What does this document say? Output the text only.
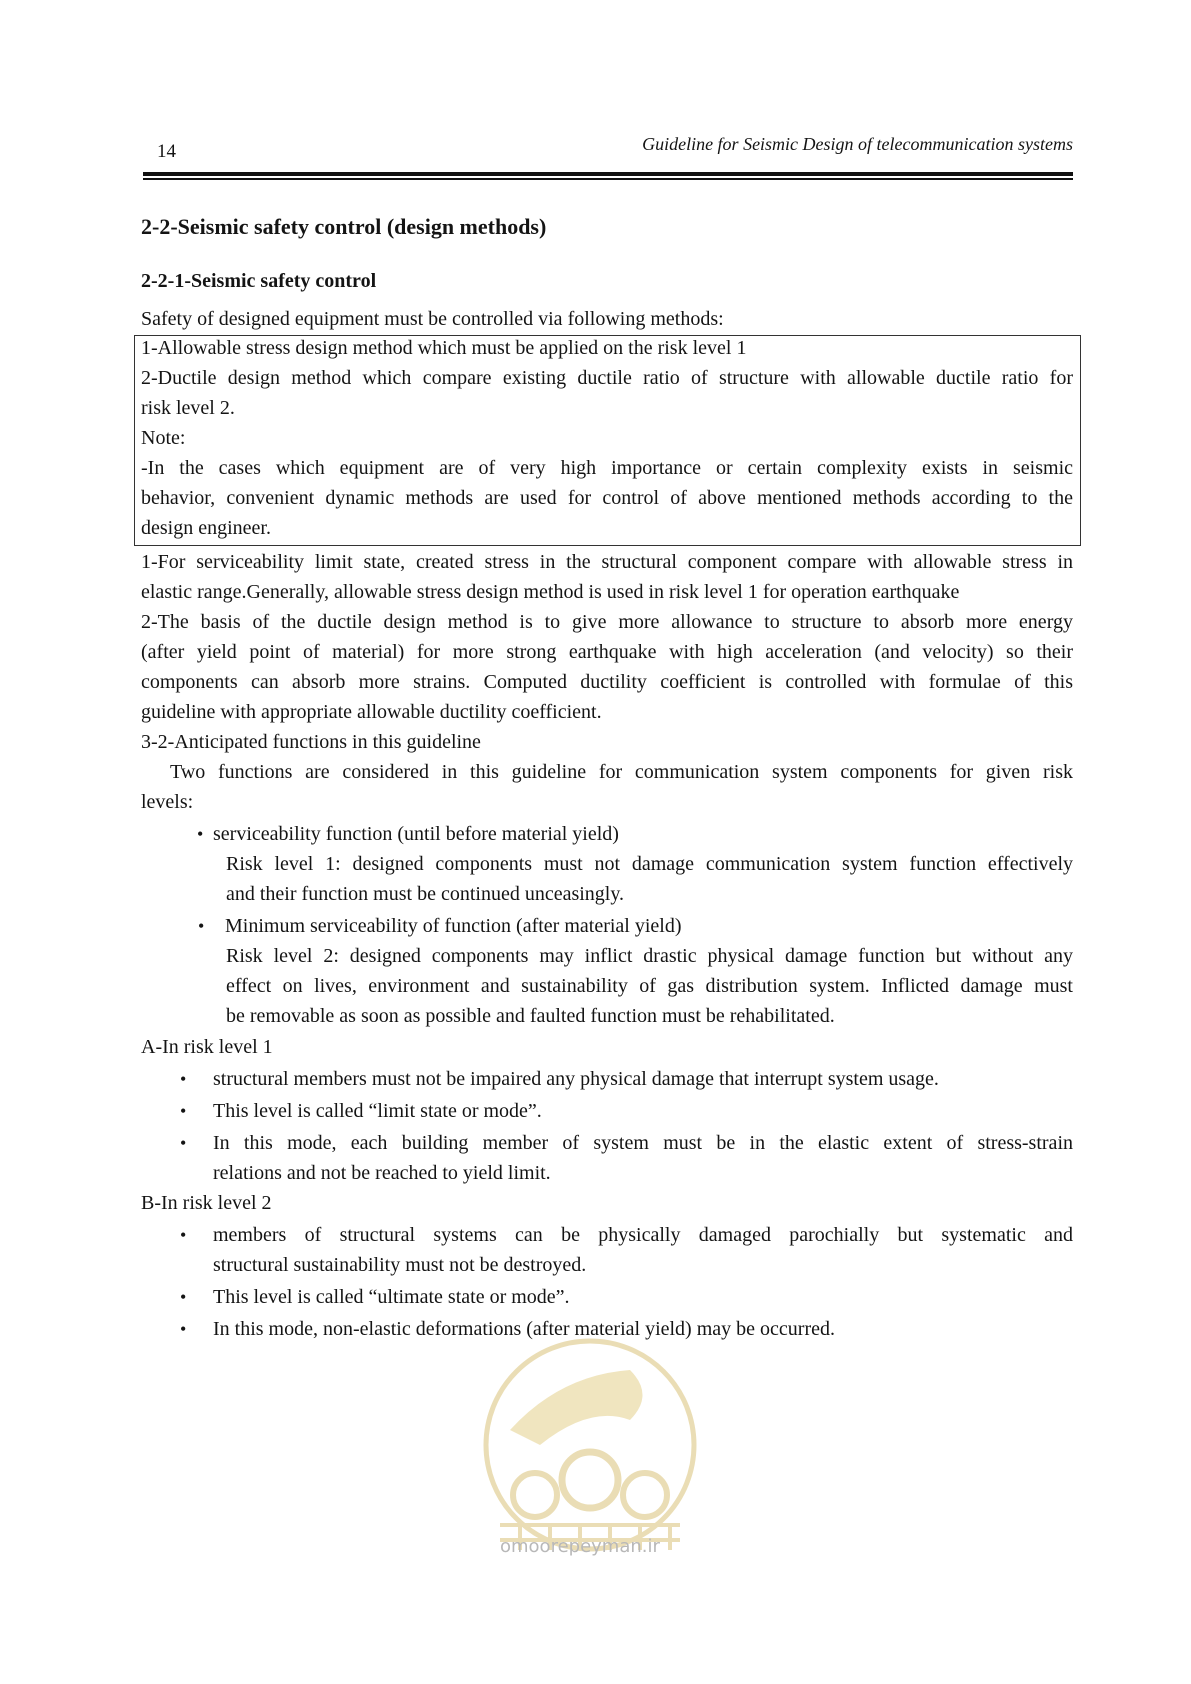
14	Guideline for Seismic Design of telecommunication systems
2-2-Seismic safety control (design methods)
2-2-1-Seismic safety control

Safety of designed equipment must be controlled via following methods:

1-Allowable stress design method which must be applied on the risk level 1

2-Ductile design method which compare existing ductile ratio of structure with allowable ductile ratio for

risk level 2.

Note:

-In the cases which equipment are of very high importance or certain complexity exists in seismic

behavior, convenient dynamic methods are used for control of above mentioned methods according to the

design engineer.

1-For serviceability limit state, created stress in the structural component compare with allowable stress in

elastic range.Generally, allowable stress design method is used in risk level 1 for operation earthquake

2-The basis of the ductile design method is to give more allowance to structure to absorb more energy

(after yield point of material) for more strong earthquake with high acceleration (and velocity) so their

components can absorb more strains. Computed ductility coefficient is controlled with formulae of this

guideline with appropriate allowable ductility coefficient.

3-2-Anticipated functions in this guideline

Two functions are considered in this guideline for communication system components for given risk

levels:

• serviceability function (until before material yield)
Risk level 1: designed components must not damage communication system function effectively
and their function must be continued unceasingly.
• Minimum serviceability of function (after material yield)
Risk level 2: designed components may inflict drastic physical damage function but without any
effect on lives, environment and sustainability of gas distribution system. Inflicted damage must
be removable as soon as possible and faulted function must be rehabilitated.

A-In risk level 1

• structural members must not be impaired any physical damage that interrupt system usage.
• This level is called “limit state or mode”.
• In this mode, each building member of system must be in the elastic extent of stress-strain
relations and not be reached to yield limit.

B-In risk level 2

• members of structural systems can be physically damaged parochially but systematic and
structural sustainability must not be destroyed.
• This level is called “ultimate state or mode”.
• In this mode, non-elastic deformations (after material yield) may be occurred.
omoorepeyman.ir
